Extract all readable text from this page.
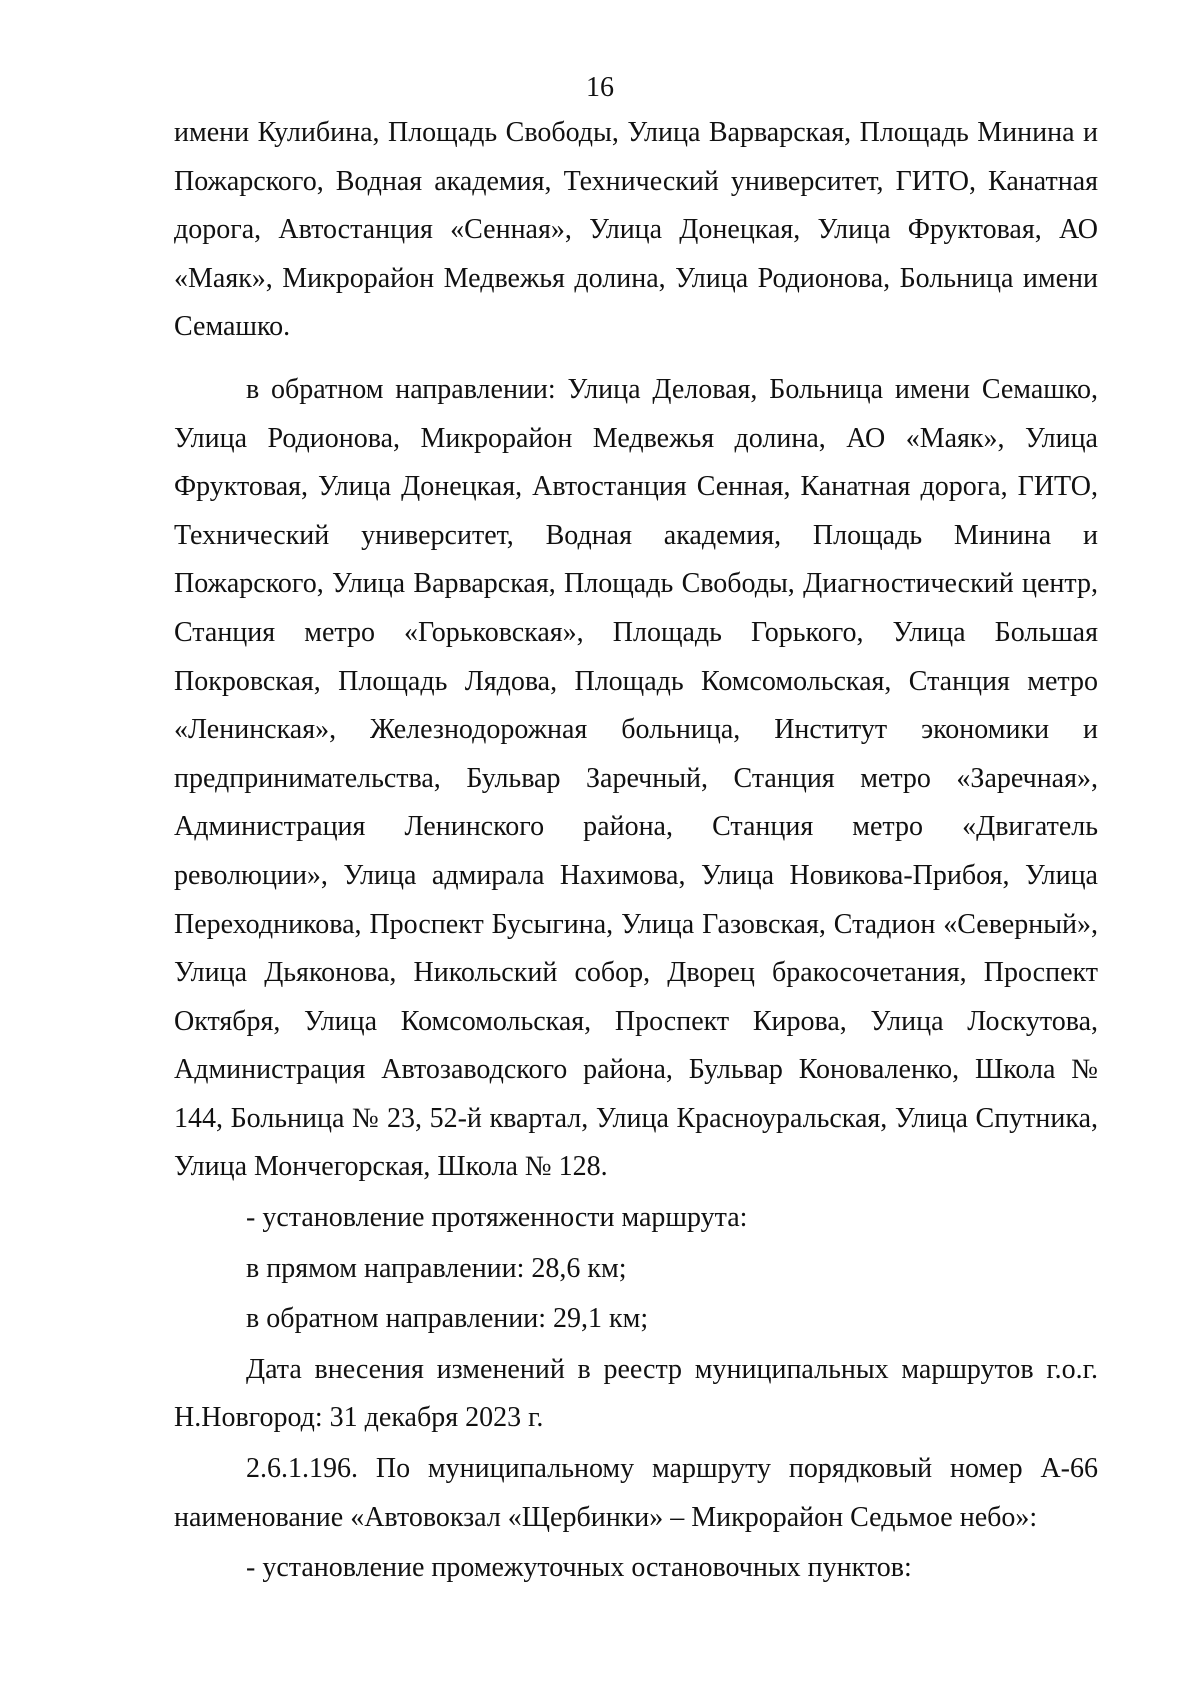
16

имени Кулибина, Площадь Свободы, Улица Варварская, Площадь Минина и Пожарского, Водная академия, Технический университет, ГИТО, Канатная дорога, Автостанция «Сенная», Улица Донецкая, Улица Фруктовая, АО «Маяк», Микрорайон Медвежья долина, Улица Родионова, Больница имени Семашко.

в обратном направлении: Улица Деловая, Больница имени Семашко, Улица Родионова, Микрорайон Медвежья долина, АО «Маяк», Улица Фруктовая, Улица Донецкая, Автостанция Сенная, Канатная дорога, ГИТО, Технический университет, Водная академия, Площадь Минина и Пожарского, Улица Варварская, Площадь Свободы, Диагностический центр, Станция метро «Горьковская», Площадь Горького, Улица Большая Покровская, Площадь Лядова, Площадь Комсомольская, Станция метро «Ленинская», Железнодорожная больница, Институт экономики и предпринимательства, Бульвар Заречный, Станция метро «Заречная», Администрация Ленинского района, Станция метро «Двигатель революции», Улица адмирала Нахимова, Улица Новикова-Прибоя, Улица Переходникова, Проспект Бусыгина, Улица Газовская, Стадион «Северный», Улица Дьяконова, Никольский собор, Дворец бракосочетания, Проспект Октября, Улица Комсомольская, Проспект Кирова, Улица Лоскутова, Администрация Автозаводского района, Бульвар Коноваленко, Школа № 144, Больница № 23, 52-й квартал, Улица Красноуральская, Улица Спутника, Улица Мончегорская, Школа № 128.

- установление протяженности маршрута:

в прямом направлении: 28,6 км;

в обратном направлении: 29,1 км;

Дата внесения изменений в реестр муниципальных маршрутов г.о.г. Н.Новгород: 31 декабря 2023 г.

2.6.1.196. По муниципальному маршруту порядковый номер А-66 наименование «Автовокзал «Щербинки» – Микрорайон Седьмое небо»:

- установление промежуточных остановочных пунктов:
